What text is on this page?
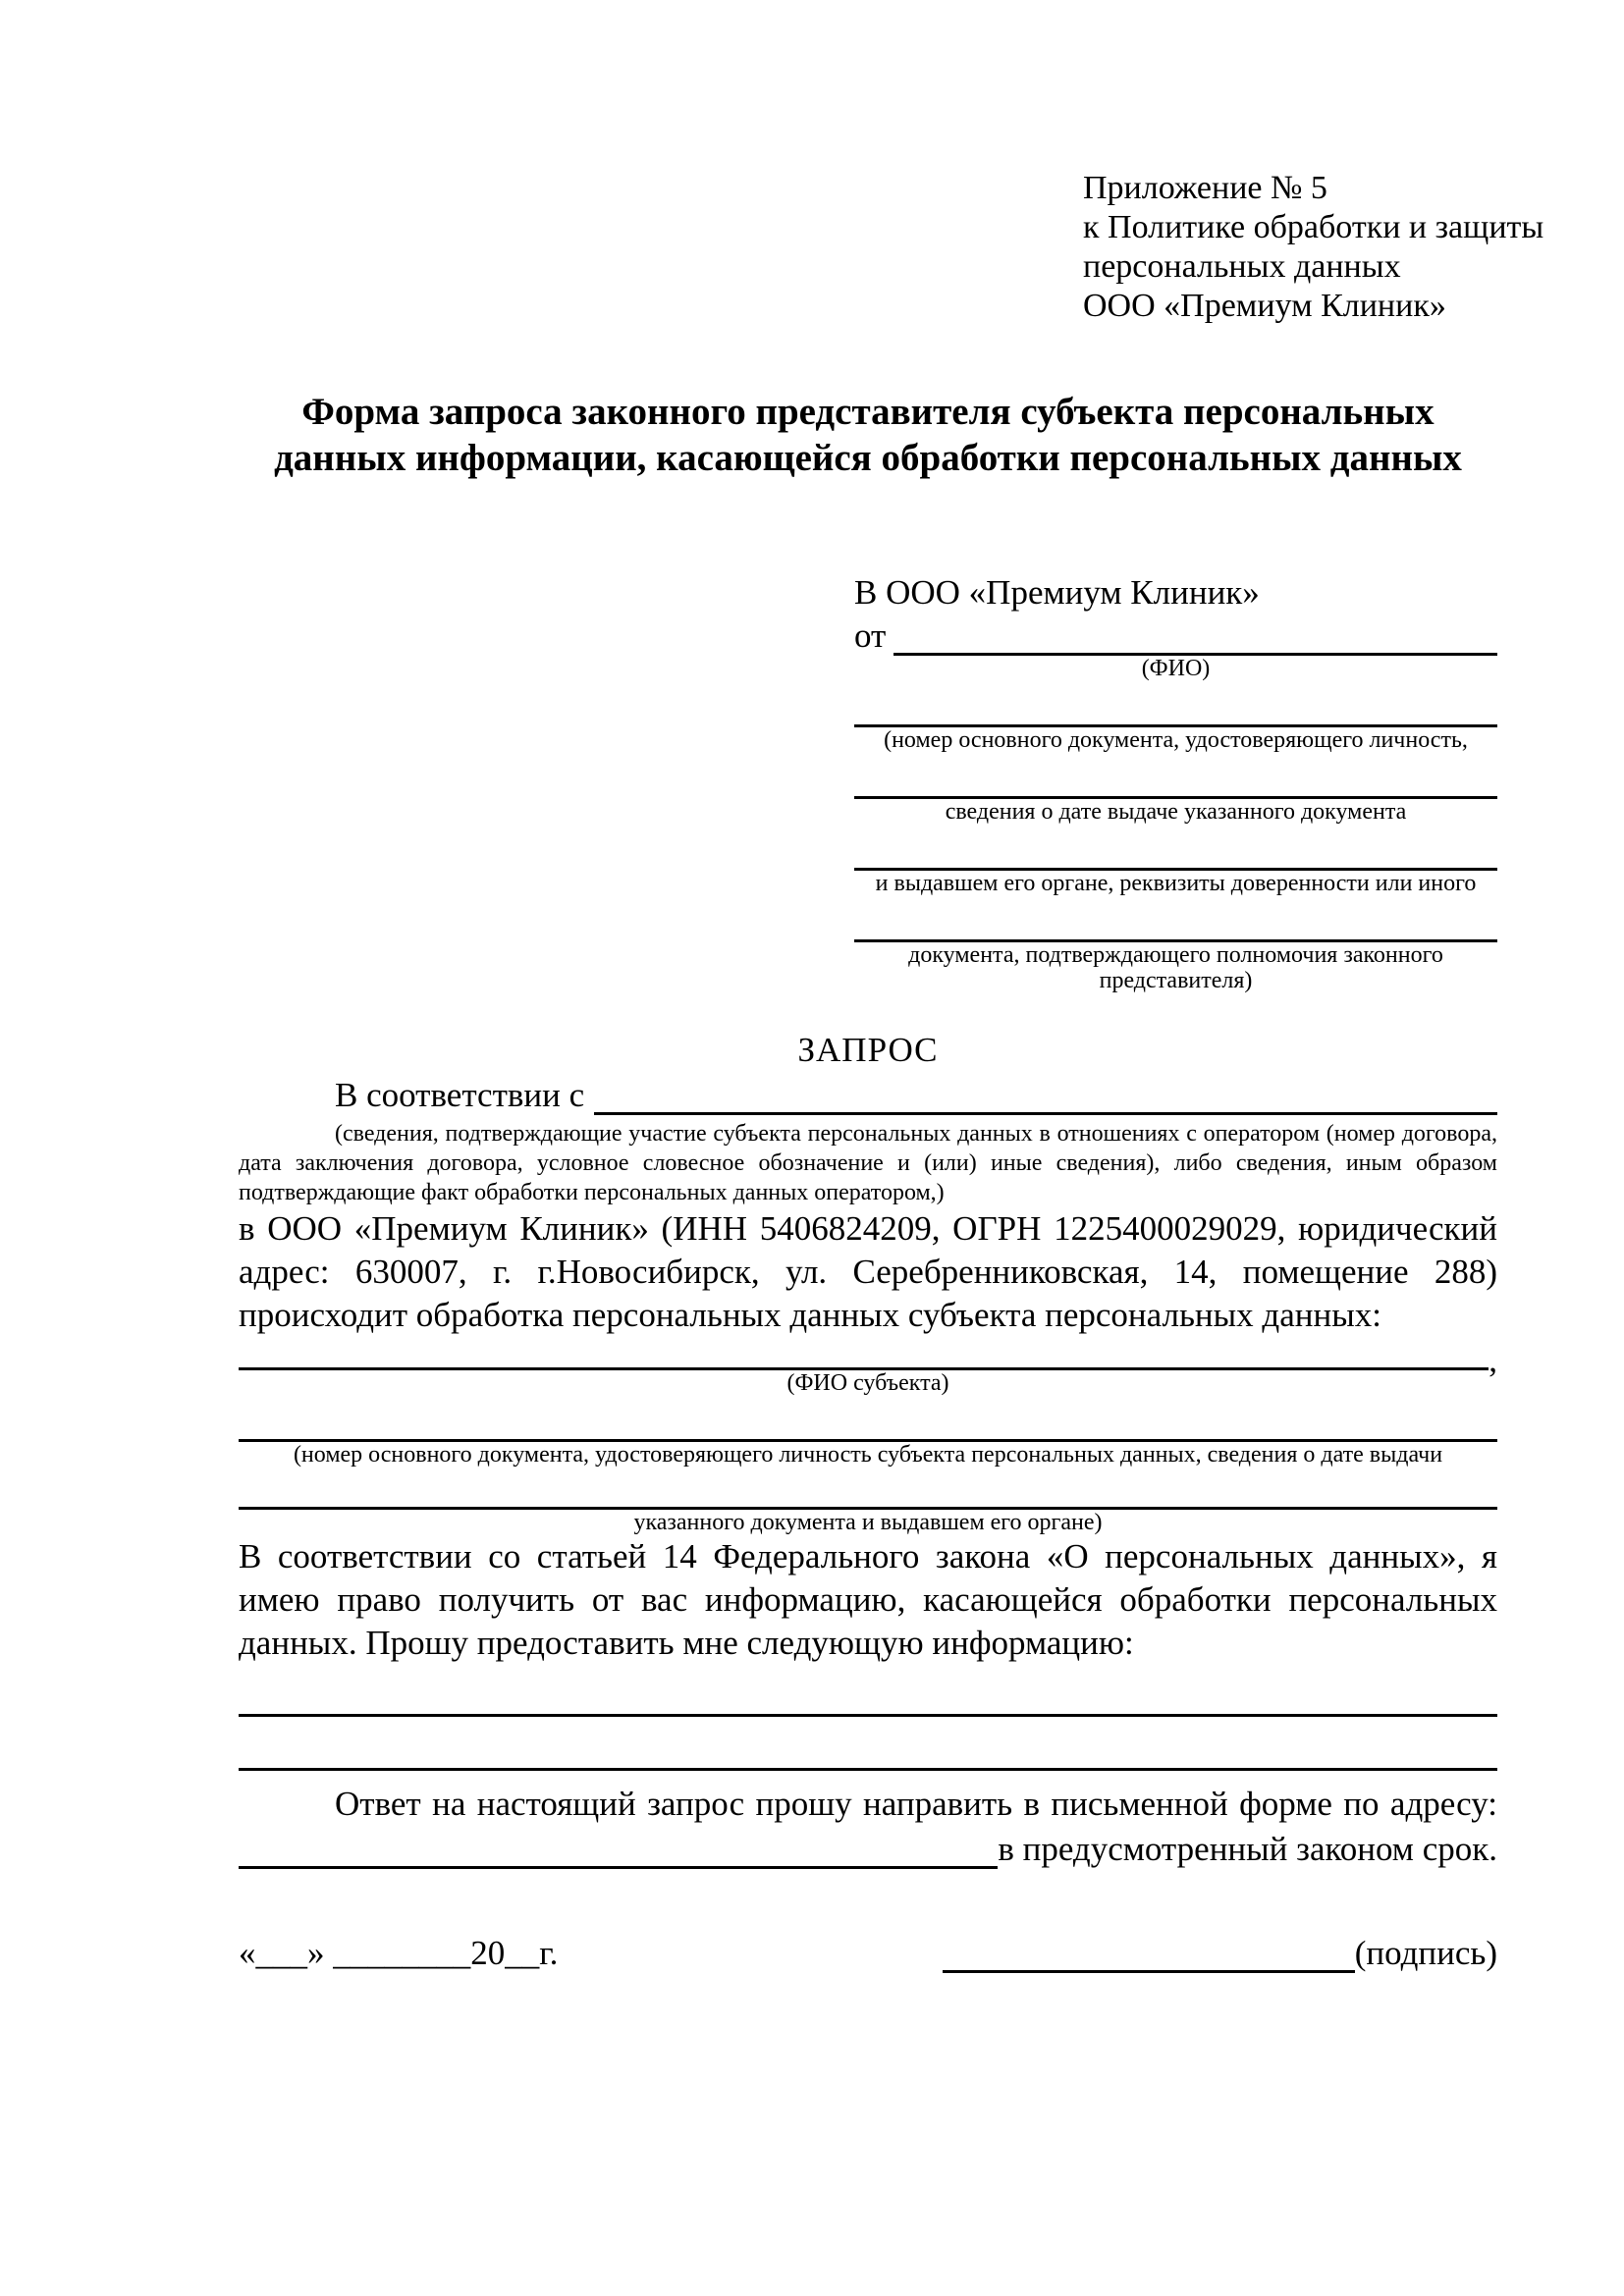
Приложение № 5
к Политике обработки и защиты
персональных данных
ООО «Премиум Клиник»
Форма запроса законного представителя субъекта персональных данных информации, касающейся обработки персональных данных
В ООО «Премиум Клиник»
от
(ФИО)
(номер основного документа, удостоверяющего личность,
сведения о дате выдаче указанного документа
и выдавшем его органе, реквизиты доверенности или иного
документа, подтверждающего полномочия законного представителя)
ЗАПРОС
В соответствии с
(сведения, подтверждающие участие субъекта персональных данных в отношениях с оператором (номер договора, дата заключения договора, условное словесное обозначение и (или) иные сведения), либо сведения, иным образом подтверждающие факт обработки персональных данных оператором,)
в ООО «Премиум Клиник» (ИНН 5406824209, ОГРН 1225400029029, юридический адрес: 630007, г. г.Новосибирск, ул. Серебренниковская, 14, помещение 288) происходит обработка персональных данных субъекта персональных данных:
,
(ФИО субъекта)
(номер основного документа, удостоверяющего личность субъекта персональных данных, сведения о дате выдачи
указанного документа и выдавшем его органе)
В соответствии со статьей 14 Федерального закона «О персональных данных», я имею право получить от вас информацию, касающейся обработки персональных данных. Прошу предоставить мне следующую информацию:
Ответ на настоящий запрос прошу направить в письменной форме по адресу:
в предусмотренный законом срок.
«___» ________20__г.	(подпись)
